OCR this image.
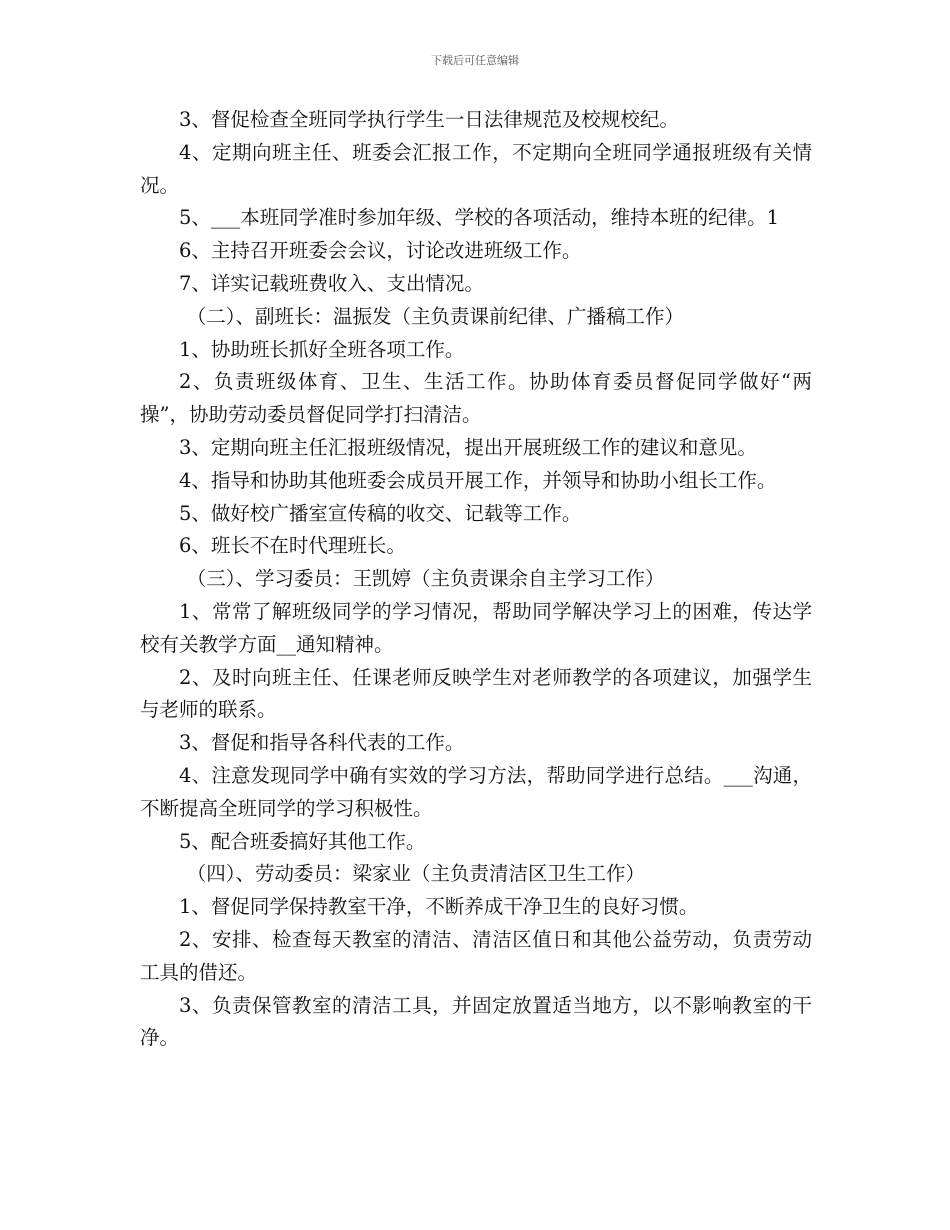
下载后可任意编辑

3、督促检查全班同学执行学生一日法律规范及校规校纪。

4、定期向班主任、班委会汇报工作，不定期向全班同学通报班级有关情况。

5、___本班同学准时参加年级、学校的各项活动，维持本班的纪律。1

6、主持召开班委会会议，讨论改进班级工作。

7、详实记载班费收入、支出情况。

（二）、副班长：温振发（主负责课前纪律、广播稿工作）

1、协助班长抓好全班各项工作。

2、负责班级体育、卫生、生活工作。协助体育委员督促同学做好“两操”，协助劳动委员督促同学打扫清洁。

3、定期向班主任汇报班级情况，提出开展班级工作的建议和意见。

4、指导和协助其他班委会成员开展工作，并领导和协助小组长工作。

5、做好校广播室宣传稿的收交、记载等工作。

6、班长不在时代理班长。

（三）、学习委员：王凯婷（主负责课余自主学习工作）

1、常常了解班级同学的学习情况，帮助同学解决学习上的困难，传达学校有关教学方面__通知精神。

2、及时向班主任、任课老师反映学生对老师教学的各项建议，加强学生与老师的联系。

3、督促和指导各科代表的工作。

4、注意发现同学中确有实效的学习方法，帮助同学进行总结。___沟通，不断提高全班同学的学习积极性。

5、配合班委搞好其他工作。

（四）、劳动委员：梁家业（主负责清洁区卫生工作）

1、督促同学保持教室干净，不断养成干净卫生的良好习惯。

2、安排、检查每天教室的清洁、清洁区值日和其他公益劳动，负责劳动工具的借还。

3、负责保管教室的清洁工具，并固定放置适当地方，以不影响教室的干净。
